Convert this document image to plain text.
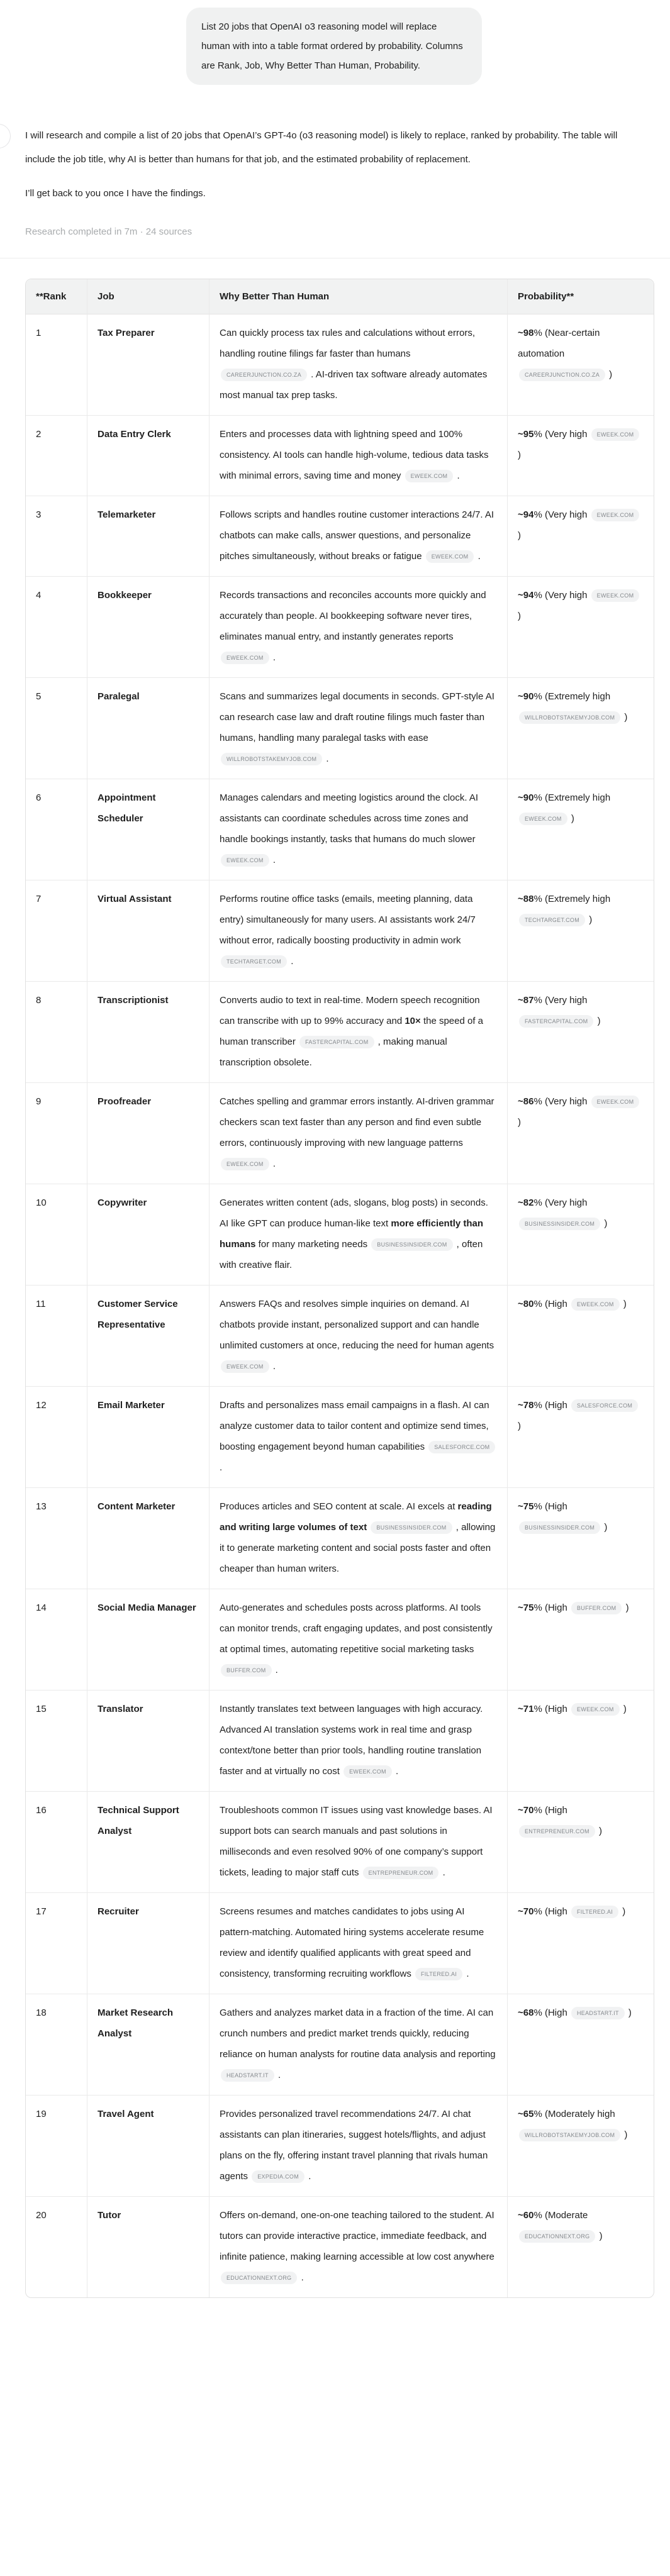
List 20 jobs that OpenAI o3 reasoning model will replace human with into a table format ordered by probability. Columns are Rank, Job, Why Better Than Human, Probability.

I will research and compile a list of 20 jobs that OpenAI’s GPT-4o (o3 reasoning model) is likely to replace, ranked by probability. The table will include the job title, why AI is better than humans for that job, and the estimated probability of replacement.

I’ll get back to you once I have the findings.

Research completed in 7m · 24 sources

**Rank	Job	Why Better Than Human	Probability**
1	Tax Preparer	Can quickly process tax rules and calculations without errors, handling routine filings far faster than humans CAREERJUNCTION.CO.ZA . AI-driven tax software already automates most manual tax prep tasks.	~98% (Near-certain automation CAREERJUNCTION.CO.ZA )
2	Data Entry Clerk	Enters and processes data with lightning speed and 100% consistency. AI tools can handle high-volume, tedious data tasks with minimal errors, saving time and money EWEEK.COM .	~95% (Very high EWEEK.COM )
3	Telemarketer	Follows scripts and handles routine customer interactions 24/7. AI chatbots can make calls, answer questions, and personalize pitches simultaneously, without breaks or fatigue EWEEK.COM .	~94% (Very high EWEEK.COM )
4	Bookkeeper	Records transactions and reconciles accounts more quickly and accurately than people. AI bookkeeping software never tires, eliminates manual entry, and instantly generates reports EWEEK.COM .	~94% (Very high EWEEK.COM )
5	Paralegal	Scans and summarizes legal documents in seconds. GPT-style AI can research case law and draft routine filings much faster than humans, handling many paralegal tasks with ease WILLROBOTSTAKEMYJOB.COM .	~90% (Extremely high WILLROBOTSTAKEMYJOB.COM )
6	Appointment Scheduler	Manages calendars and meeting logistics around the clock. AI assistants can coordinate schedules across time zones and handle bookings instantly, tasks that humans do much slower EWEEK.COM .	~90% (Extremely high EWEEK.COM )
7	Virtual Assistant	Performs routine office tasks (emails, meeting planning, data entry) simultaneously for many users. AI assistants work 24/7 without error, radically boosting productivity in admin work TECHTARGET.COM .	~88% (Extremely high TECHTARGET.COM )
8	Transcriptionist	Converts audio to text in real-time. Modern speech recognition can transcribe with up to 99% accuracy and 10× the speed of a human transcriber FASTERCAPITAL.COM , making manual transcription obsolete.	~87% (Very high FASTERCAPITAL.COM )
9	Proofreader	Catches spelling and grammar errors instantly. AI-driven grammar checkers scan text faster than any person and find even subtle errors, continuously improving with new language patterns EWEEK.COM .	~86% (Very high EWEEK.COM )
10	Copywriter	Generates written content (ads, slogans, blog posts) in seconds. AI like GPT can produce human-like text more efficiently than humans for many marketing needs BUSINESSINSIDER.COM , often with creative flair.	~82% (Very high BUSINESSINSIDER.COM )
11	Customer Service Representative	Answers FAQs and resolves simple inquiries on demand. AI chatbots provide instant, personalized support and can handle unlimited customers at once, reducing the need for human agents EWEEK.COM .	~80% (High EWEEK.COM )
12	Email Marketer	Drafts and personalizes mass email campaigns in a flash. AI can analyze customer data to tailor content and optimize send times, boosting engagement beyond human capabilities SALESFORCE.COM .	~78% (High SALESFORCE.COM )
13	Content Marketer	Produces articles and SEO content at scale. AI excels at reading and writing large volumes of text BUSINESSINSIDER.COM , allowing it to generate marketing content and social posts faster and often cheaper than human writers.	~75% (High BUSINESSINSIDER.COM )
14	Social Media Manager	Auto-generates and schedules posts across platforms. AI tools can monitor trends, craft engaging updates, and post consistently at optimal times, automating repetitive social marketing tasks BUFFER.COM .	~75% (High BUFFER.COM )
15	Translator	Instantly translates text between languages with high accuracy. Advanced AI translation systems work in real time and grasp context/tone better than prior tools, handling routine translation faster and at virtually no cost EWEEK.COM .	~71% (High EWEEK.COM )
16	Technical Support Analyst	Troubleshoots common IT issues using vast knowledge bases. AI support bots can search manuals and past solutions in milliseconds and even resolved 90% of one company’s support tickets, leading to major staff cuts ENTREPRENEUR.COM .	~70% (High ENTREPRENEUR.COM )
17	Recruiter	Screens resumes and matches candidates to jobs using AI pattern-matching. Automated hiring systems accelerate resume review and identify qualified applicants with great speed and consistency, transforming recruiting workflows FILTERED.AI .	~70% (High FILTERED.AI )
18	Market Research Analyst	Gathers and analyzes market data in a fraction of the time. AI can crunch numbers and predict market trends quickly, reducing reliance on human analysts for routine data analysis and reporting HEADSTART.IT .	~68% (High HEADSTART.IT )
19	Travel Agent	Provides personalized travel recommendations 24/7. AI chat assistants can plan itineraries, suggest hotels/flights, and adjust plans on the fly, offering instant travel planning that rivals human agents EXPEDIA.COM .	~65% (Moderately high WILLROBOTSTAKEMYJOB.COM )
20	Tutor	Offers on-demand, one-on-one teaching tailored to the student. AI tutors can provide interactive practice, immediate feedback, and infinite patience, making learning accessible at low cost anywhere EDUCATIONNEXT.ORG .	~60% (Moderate EDUCATIONNEXT.ORG )
